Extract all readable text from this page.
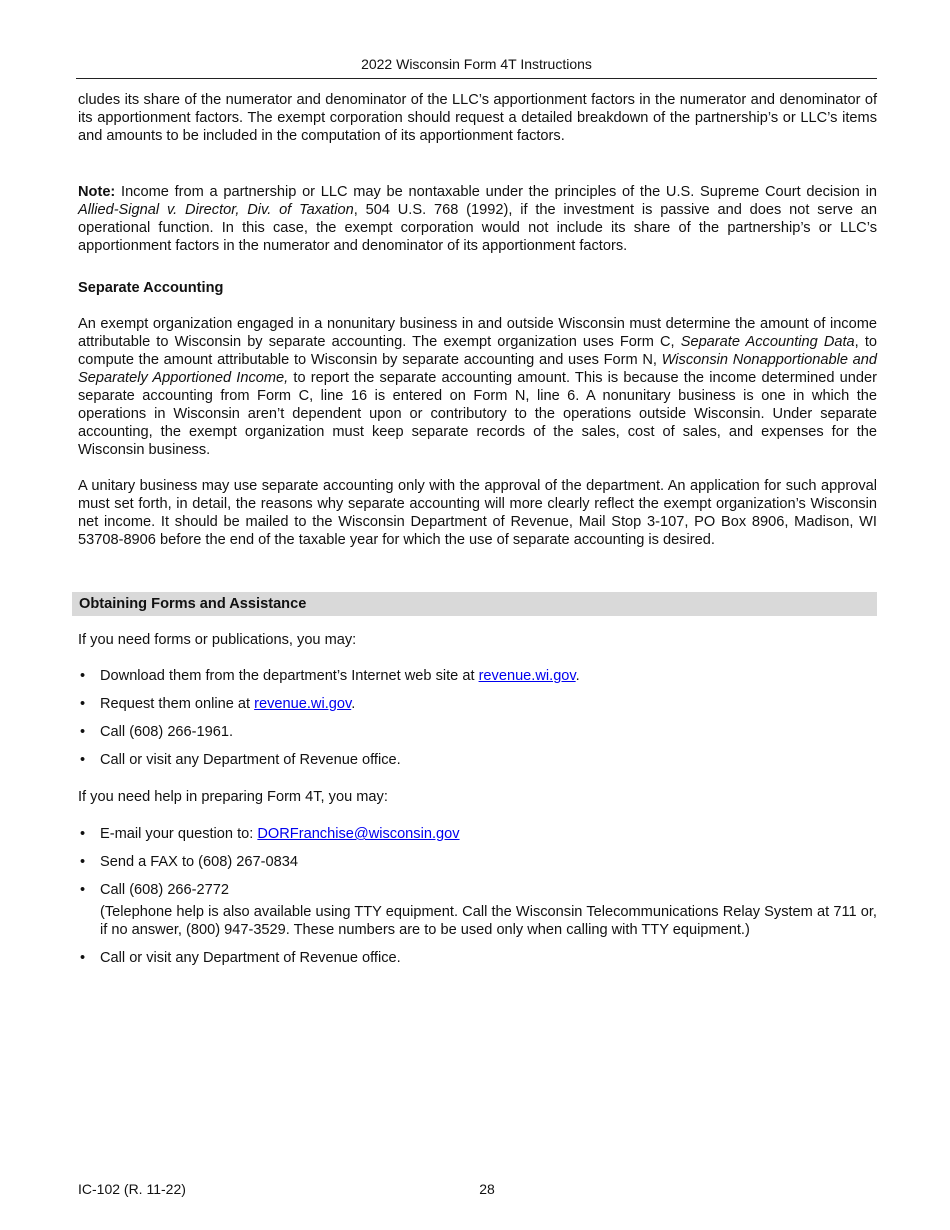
2022 Wisconsin Form 4T Instructions

cludes its share of the numerator and denominator of the LLC’s apportionment factors in the numerator and denominator of its apportionment factors. The exempt corporation should request a detailed breakdown of the partnership’s or LLC’s items and amounts to be included in the computation of its apportionment factors.

Note: Income from a partnership or LLC may be nontaxable under the principles of the U.S. Supreme Court decision in Allied-Signal v. Director, Div. of Taxation, 504 U.S. 768 (1992), if the investment is passive and does not serve an operational function. In this case, the exempt corporation would not include its share of the partnership’s or LLC’s apportionment factors in the numerator and denominator of its apportionment factors.

Separate Accounting

An exempt organization engaged in a nonunitary business in and outside Wisconsin must determine the amount of income attributable to Wisconsin by separate accounting. The exempt organization uses Form C, Separate Accounting Data, to compute the amount attributable to Wisconsin by separate accounting and uses Form N, Wisconsin Nonapportionable and Separately Apportioned Income, to report the separate accounting amount. This is because the income determined under separate accounting from Form C, line 16 is entered on Form N, line 6. A nonunitary business is one in which the operations in Wisconsin aren’t dependent upon or contributory to the operations outside Wisconsin. Under separate accounting, the exempt organization must keep separate records of the sales, cost of sales, and expenses for the Wisconsin business.

A unitary business may use separate accounting only with the approval of the department. An application for such approval must set forth, in detail, the reasons why separate accounting will more clearly reflect the exempt organization’s Wisconsin net income. It should be mailed to the Wisconsin Department of Revenue, Mail Stop 3-107, PO Box 8906, Madison, WI 53708-8906 before the end of the taxable year for which the use of separate accounting is desired.

Obtaining Forms and Assistance
If you need forms or publications, you may:
• Download them from the department’s Internet web site at revenue.wi.gov.
• Request them online at revenue.wi.gov.
• Call (608) 266-1961.
• Call or visit any Department of Revenue office.
If you need help in preparing Form 4T, you may:
• E-mail your question to: DORFranchise@wisconsin.gov
• Send a FAX to (608) 267-0834
• Call (608) 266-2772
(Telephone help is also available using TTY equipment. Call the Wisconsin Telecommunications Relay System at 711 or, if no answer, (800) 947-3529. These numbers are to be used only when calling with TTY equipment.)
• Call or visit any Department of Revenue office.
IC-102 (R. 11-22)	28
